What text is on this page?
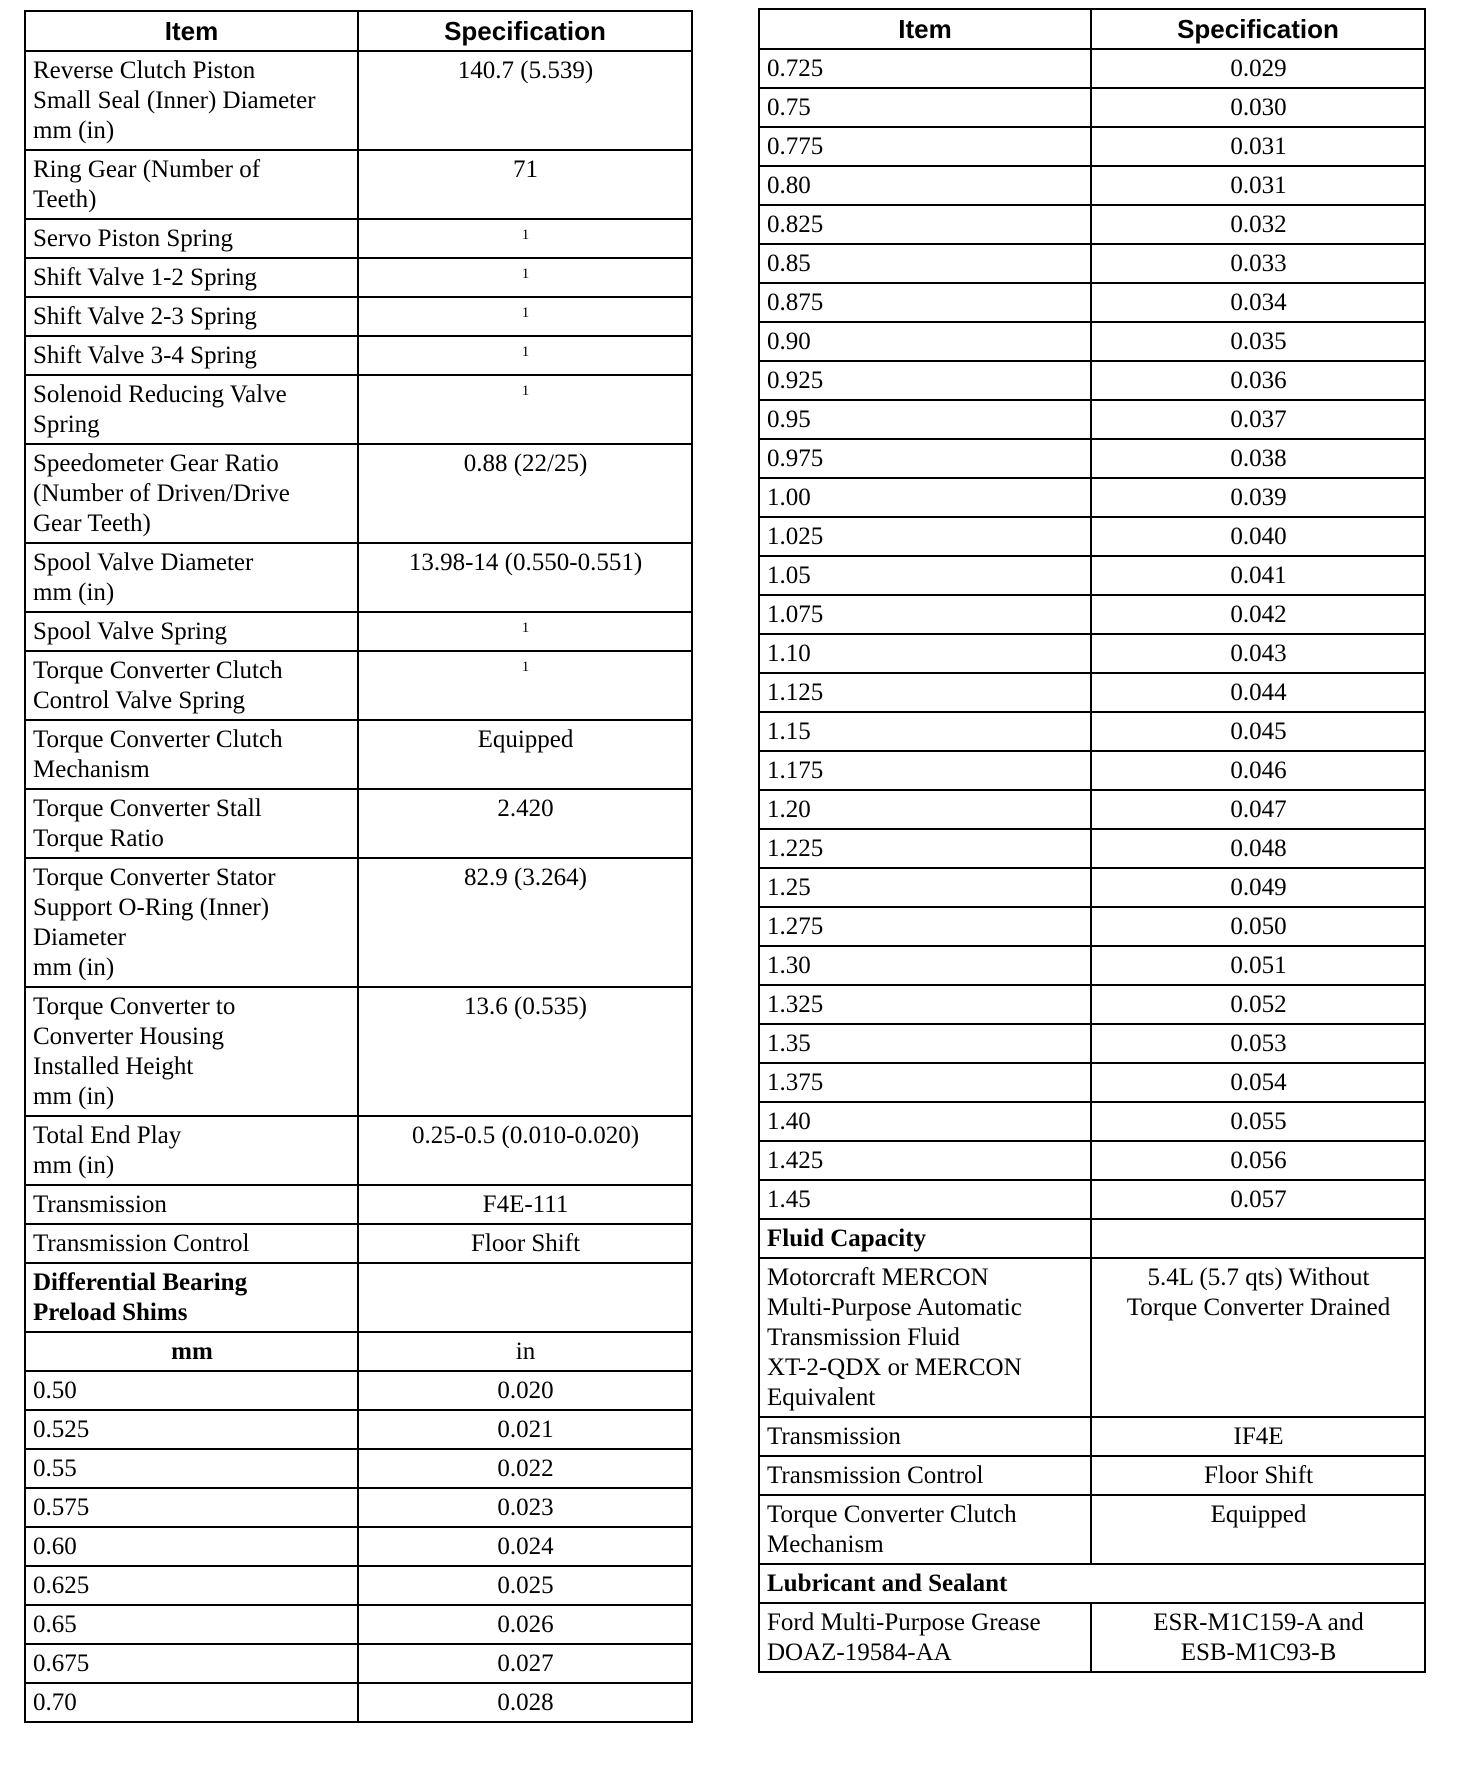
Item	Specification

Reverse Clutch Piston
Small Seal (Inner) Diameter
mm (in)	140.7 (5.539)

Ring Gear (Number of
Teeth)	71
Servo Piston Spring	$^1$
Shift Valve 1-2 Spring	$^1$
Shift Valve 2-3 Spring	$^1$
Shift Valve 3-4 Spring	$^1$

Solenoid Reducing Valve
Spring	$^1$

Speedometer Gear Ratio
(Number of Driven/Drive
Gear Teeth)	0.88 (22/25)

Spool Valve Diameter
mm (in)	13.98-14 (0.550-0.551)
Spool Valve Spring	$^1$

Torque Converter Clutch
Control Valve Spring	$^1$

Torque Converter Clutch
Mechanism	Equipped

Torque Converter Stall
Torque Ratio	2.420

Torque Converter Stator
Support O-Ring (Inner)
Diameter
mm (in)	82.9 (3.264)

Torque Converter to
Converter Housing
Installed Height
mm (in)	13.6 (0.535)

Total End Play
mm (in)	0.25-0.5 (0.010-0.020)
Transmission	F4E-111
Transmission Control	Floor Shift

Differential Bearing
Preload Shims	

mm	in
0.50	0.020
0.525	0.021
0.55	0.022
0.575	0.023
0.60	0.024
0.625	0.025
0.65	0.026
0.675	0.027
0.70	0.028
Item	Specification
0.725	0.029
0.75	0.030
0.775	0.031
0.80	0.031
0.825	0.032
0.85	0.033
0.875	0.034
0.90	0.035
0.925	0.036
0.95	0.037
0.975	0.038
1.00	0.039
1.025	0.040
1.05	0.041
1.075	0.042
1.10	0.043
1.125	0.044
1.15	0.045
1.175	0.046
1.20	0.047
1.225	0.048
1.25	0.049
1.275	0.050
1.30	0.051
1.325	0.052
1.35	0.053
1.375	0.054
1.40	0.055
1.425	0.056
1.45	0.057
Fluid Capacity	

Motorcraft MERCON
Multi-Purpose Automatic
Transmission Fluid
XT-2-QDX or MERCON
Equivalent	5.4L (5.7 qts) Without
Torque Converter Drained

Transmission	IF4E
Transmission Control	Floor Shift

Torque Converter Clutch
Mechanism	Equipped
Lubricant and Sealant	

Ford Multi-Purpose Grease
DOAZ-19584-AA	ESR-M1C159-A and
ESB-M1C93-B
